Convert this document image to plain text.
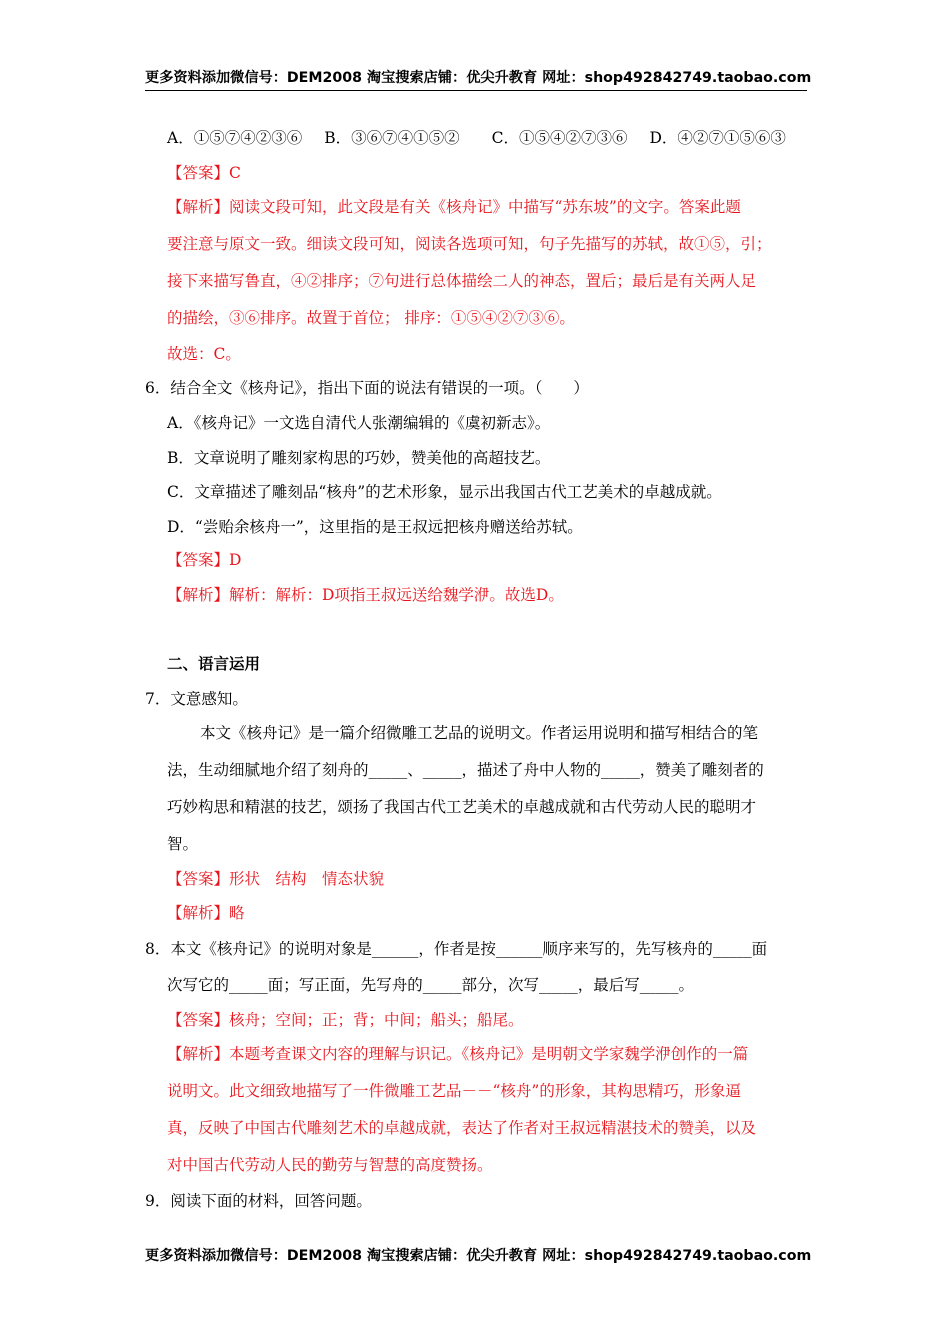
更多资料添加微信号：DEM2008 淘宝搜索店铺：优尖升教育 网址：shop492842749.taobao.com
A．①⑤⑦④②③⑥ B．③⑥⑦④①⑤② C．①⑤④②⑦③⑥ D．④②⑦①⑤⑥③
【答案】C
【解析】阅读文段可知，此文段是有关《核舟记》中描写“苏东坡”的文字。答案此题
要注意与原文一致。细读文段可知，阅读各选项可知，句子先描写的苏轼，故①⑤，引；
接下来描写鲁直，④②排序；⑦句进行总体描绘二人的神态，置后；最后是有关两人足
的描绘，③⑥排序。故置于首位； 排序：①⑤④②⑦③⑥。
故选：C。
6．结合全文《核舟记》，指出下面的说法有错误的一项。（　　）
A．《核舟记》一文选自清代人张潮编辑的《虞初新志》。
B．文章说明了雕刻家构思的巧妙，赞美他的高超技艺。
C．文章描述了雕刻品“核舟”的艺术形象，显示出我国古代工艺美术的卓越成就。
D．“尝贻余核舟一”，这里指的是王叔远把核舟赠送给苏轼。
【答案】D
【解析】解析：解析：D项指王叔远送给魏学洢。故选D。
二、语言运用
7．文意感知。
本文《核舟记》是一篇介绍微雕工艺品的说明文。作者运用说明和描写相结合的笔
法，生动细腻地介绍了刻舟的_____、_____，描述了舟中人物的_____，赞美了雕刻者的
巧妙构思和精湛的技艺，颂扬了我国古代工艺美术的卓越成就和古代劳动人民的聪明才
智。
【答案】形状　结构　情态状貌
【解析】略
8．本文《核舟记》的说明对象是______，作者是按______顺序来写的，先写核舟的_____面
次写它的_____面；写正面，先写舟的_____部分，次写_____，最后写_____。
【答案】核舟；空间；正；背；中间；船头；船尾。
【解析】本题考查课文内容的理解与识记。《核舟记》是明朝文学家魏学洢创作的一篇
说明文。此文细致地描写了一件微雕工艺品－－“核舟”的形象，其构思精巧，形象逼
真，反映了中国古代雕刻艺术的卓越成就，表达了作者对王叔远精湛技术的赞美，以及
对中国古代劳动人民的勤劳与智慧的高度赞扬。
9．阅读下面的材料，回答问题。
更多资料添加微信号：DEM2008 淘宝搜索店铺：优尖升教育 网址：shop492842749.taobao.com
